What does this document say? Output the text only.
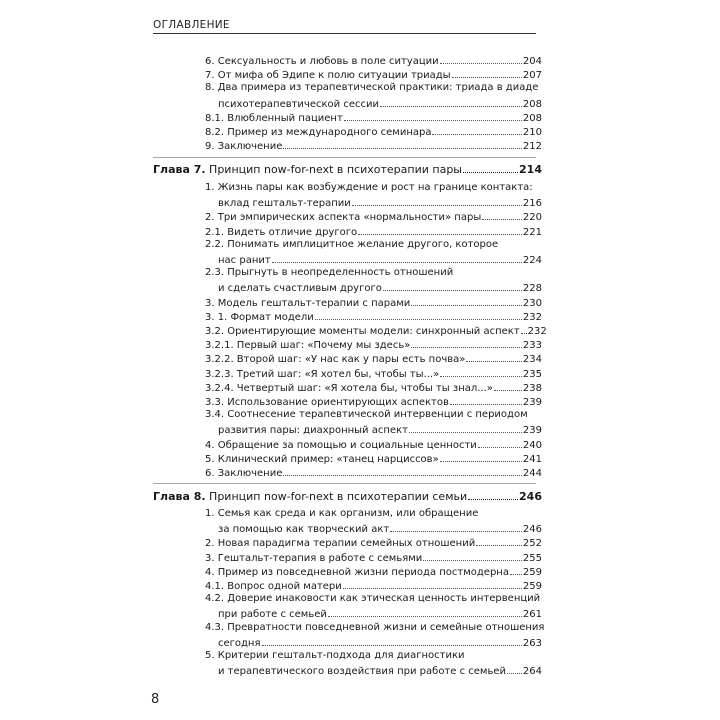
ОГЛАВЛЕНИЕ
6. Сексуальность и любовь в поле ситуации	204
7. От мифа об Эдипе к полю ситуации триады	207
8. Два примера из терапевтической практики: триада в диаде
психотерапевтической сессии	208
8.1. Влюбленный пациент	208
8.2. Пример из международного семинара	210
9. Заключение	212
Глава 7. Принцип now-for-next в психотерапии пары	214
1. Жизнь пары как возбуждение и рост на границе контакта:
вклад гештальт-терапии	216
2. Три эмпирических аспекта «нормальности» пары	220
2.1. Видеть отличие другого	221
2.2. Понимать имплицитное желание другого, которое
нас ранит	224
2.3. Прыгнуть в неопределенность отношений
и сделать счастливым другого	228
3. Модель гештальт-терапии с парами	230
3. 1. Формат модели	232
3.2. Ориентирующие моменты модели: синхронный аспект 232
3.2.1. Первый шаг: «Почему мы здесь»	233
3.2.2. Второй шаг: «У нас как у пары есть почва»	234
3.2.3. Третий шаг: «Я хотел бы, чтобы ты...»	235
3.2.4. Четвертый шаг: «Я хотела бы, чтобы ты знал...»	238
3.3. Использование ориентирующих аспектов	239
3.4. Соотнесение терапевтической интервенции с периодом
развития пары: диахронный аспект	239
4. Обращение за помощью и социальные ценности	240
5. Клинический пример: «танец нарциссов»	241
6. Заключение	244
Глава 8. Принцип now-for-next в психотерапии семьи	246
1. Семья как среда и как организм, или обращение
за помощью как творческий акт	246
2. Новая парадигма терапии семейных отношений	252
3. Гештальт-терапия в работе с семьями	255
4. Пример из повседневной жизни периода постмодерна 259
4.1. Вопрос одной матери	259
4.2. Доверие инаковости как этическая ценность интервенций
при работе с семьей	261
4.3. Превратности повседневной жизни и семейные отношения
сегодня	263
5. Критерии гештальт-подхода для диагностики
и терапевтического воздействия при работе с семьей 264
8
